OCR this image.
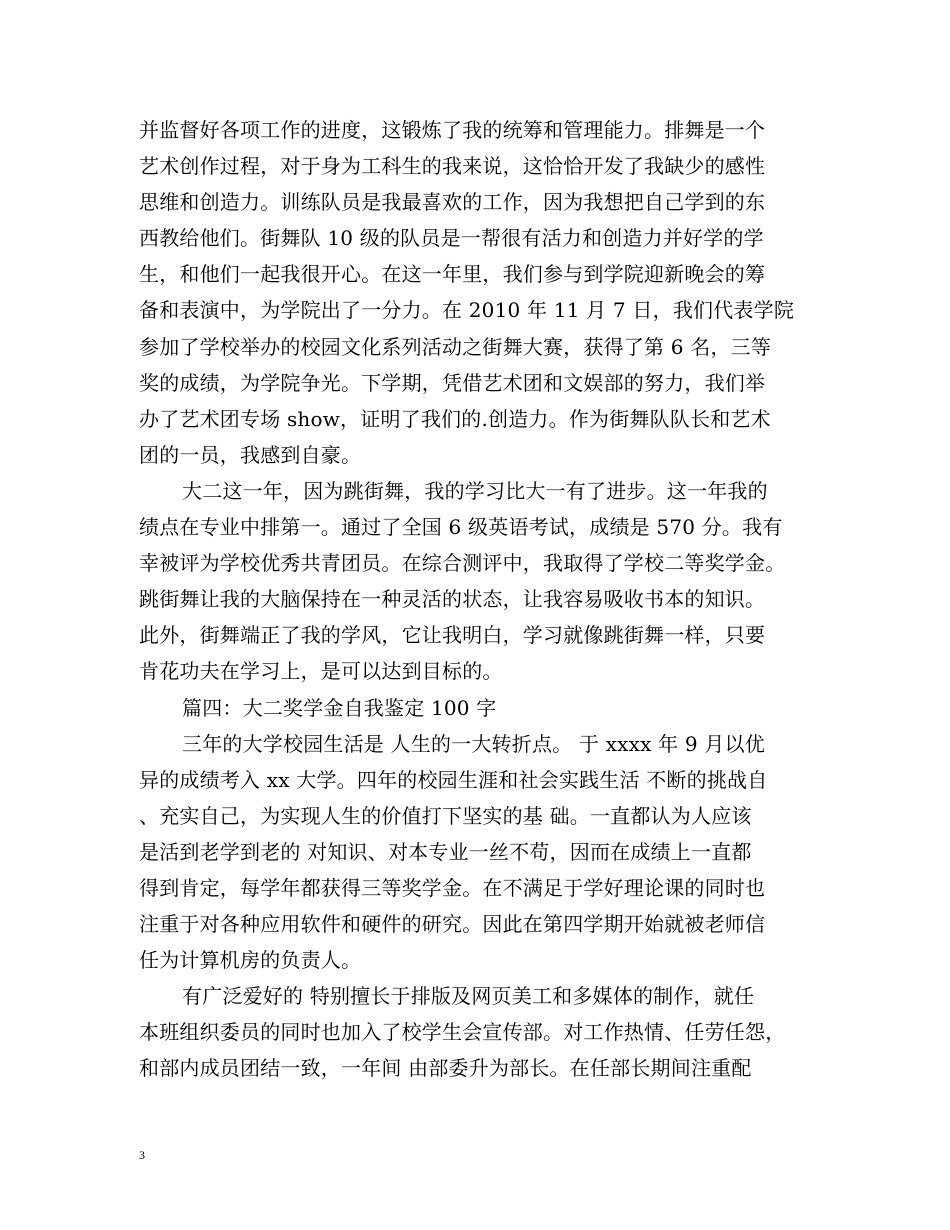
并监督好各项工作的进度，这锻炼了我的统筹和管理能力。排舞是一个
艺术创作过程，对于身为工科生的我来说，这恰恰开发了我缺少的感性
思维和创造力。训练队员是我最喜欢的工作，因为我想把自己学到的东
西教给他们。街舞队 10 级的队员是一帮很有活力和创造力并好学的学
生，和他们一起我很开心。在这一年里，我们参与到学院迎新晚会的筹
备和表演中，为学院出了一分力。在 2010 年 11 月 7 日，我们代表学院
参加了学校举办的校园文化系列活动之街舞大赛，获得了第 6 名，三等
奖的成绩，为学院争光。下学期，凭借艺术团和文娱部的努力，我们举
办了艺术团专场 show，证明了我们的.创造力。作为街舞队队长和艺术
团的一员，我感到自豪。
大二这一年，因为跳街舞，我的学习比大一有了进步。这一年我的
绩点在专业中排第一。通过了全国 6 级英语考试，成绩是 570 分。我有
幸被评为学校优秀共青团员。在综合测评中，我取得了学校二等奖学金。
跳街舞让我的大脑保持在一种灵活的状态，让我容易吸收书本的知识。
此外，街舞端正了我的学风，它让我明白，学习就像跳街舞一样，只要
肯花功夫在学习上，是可以达到目标的。
篇四：大二奖学金自我鉴定 100 字
三年的大学校园生活是 人生的一大转折点。 于 xxxx 年 9 月以优
异的成绩考入 xx 大学。四年的校园生涯和社会实践生活 不断的挑战自
、充实自己，为实现人生的价值打下坚实的基 础。一直都认为人应该
是活到老学到老的 对知识、对本专业一丝不苟，因而在成绩上一直都
得到肯定，每学年都获得三等奖学金。在不满足于学好理论课的同时也
注重于对各种应用软件和硬件的研究。因此在第四学期开始就被老师信
任为计算机房的负责人。
有广泛爱好的 特别擅长于排版及网页美工和多媒体的制作，就任
本班组织委员的同时也加入了校学生会宣传部。对工作热情、任劳任怨，
和部内成员团结一致，一年间 由部委升为部长。在任部长期间注重配
3
